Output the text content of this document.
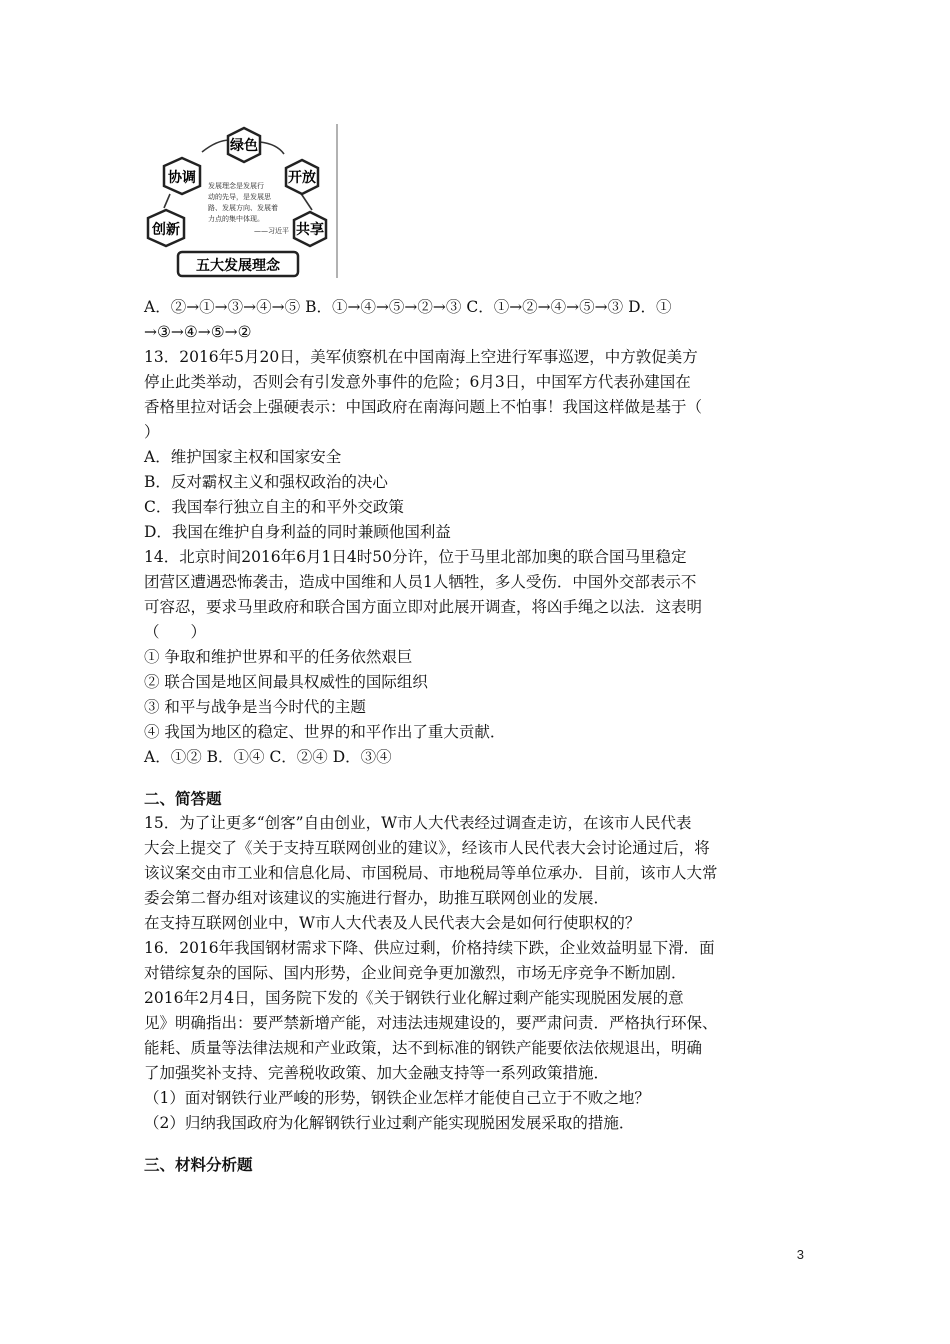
绿色
开放
共享
创新
协调 发展理念是发展行
动的先导，是发展思
路、发展方向、发展着
力点的集中体现。
——习近平
五大发展理念

A．②→①→③→④→⑤ B．①→④→⑤→②→③ C．①→②→④→⑤→③ D．①

→③→④→⑤→②

13．2016年5月20日，美军侦察机在中国南海上空进行军事巡逻，中方敦促美方

停止此类举动，否则会有引发意外事件的危险；6月3日，中国军方代表孙建国在

香格里拉对话会上强硬表示：中国政府在南海问题上不怕事！我国这样做是基于（

）

A．维护国家主权和国家安全

B．反对霸权主义和强权政治的决心

C．我国奉行独立自主的和平外交政策

D．我国在维护自身利益的同时兼顾他国利益

14．北京时间2016年6月1日4时50分许，位于马里北部加奥的联合国马里稳定

团营区遭遇恐怖袭击，造成中国维和人员1人牺牲，多人受伤．中国外交部表示不

可容忍，要求马里政府和联合国方面立即对此展开调查，将凶手绳之以法．这表明

（　　）

① 争取和维护世界和平的任务依然艰巨

② 联合国是地区间最具权威性的国际组织

③ 和平与战争是当今时代的主题

④ 我国为地区的稳定、世界的和平作出了重大贡献．

A．①② B．①④ C．②④ D．③④

二、简答题

15．为了让更多“创客”自由创业，W市人大代表经过调查走访，在该市人民代表

大会上提交了《关于支持互联网创业的建议》，经该市人民代表大会讨论通过后，将

该议案交由市工业和信息化局、市国税局、市地税局等单位承办．目前，该市人大常

委会第二督办组对该建议的实施进行督办，助推互联网创业的发展．

在支持互联网创业中，W市人大代表及人民代表大会是如何行使职权的？

16．2016年我国钢材需求下降、供应过剩，价格持续下跌，企业效益明显下滑．面

对错综复杂的国际、国内形势，企业间竞争更加激烈，市场无序竞争不断加剧．

2016年2月4日，国务院下发的《关于钢铁行业化解过剩产能实现脱困发展的意

见》明确指出：要严禁新增产能，对违法违规建设的，要严肃问责．严格执行环保、

能耗、质量等法律法规和产业政策，达不到标准的钢铁产能要依法依规退出，明确

了加强奖补支持、完善税收政策、加大金融支持等一系列政策措施．

（1）面对钢铁行业严峻的形势，钢铁企业怎样才能使自己立于不败之地？

（2）归纳我国政府为化解钢铁行业过剩产能实现脱困发展采取的措施．

三、材料分析题

3
